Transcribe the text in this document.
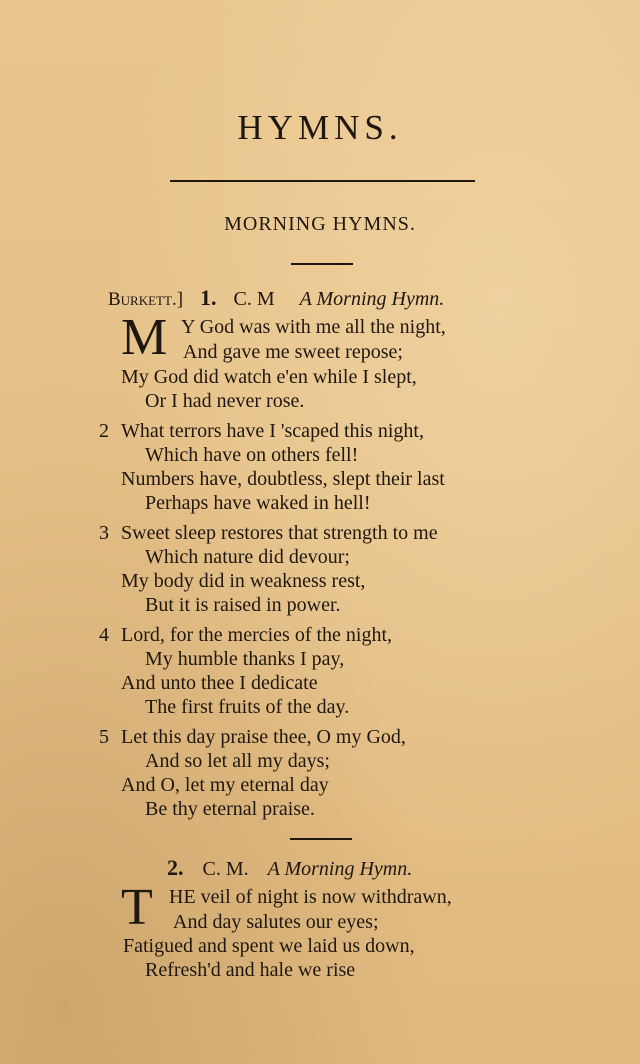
HYMNS.
MORNING HYMNS.
Burkett.] 1. C. M A Morning Hymn.
M Y God was with me all the night,
And gave me sweet repose;
My God did watch e'en while I slept,
Or I had never rose.
2 What terrors have I 'scaped this night,
Which have on others fell!
Numbers have, doubtless, slept their last
Perhaps have waked in hell!
3 Sweet sleep restores that strength to me
Which nature did devour;
My body did in weakness rest,
But it is raised in power.
4 Lord, for the mercies of the night,
My humble thanks I pay,
And unto thee I dedicate
The first fruits of the day.
5 Let this day praise thee, O my God,
And so let all my days;
And O, let my eternal day
Be thy eternal praise.
2. C. M. A Morning Hymn.
T HE veil of night is now withdrawn,
And day salutes our eyes;
Fatigued and spent we laid us down,
Refresh'd and hale we rise
